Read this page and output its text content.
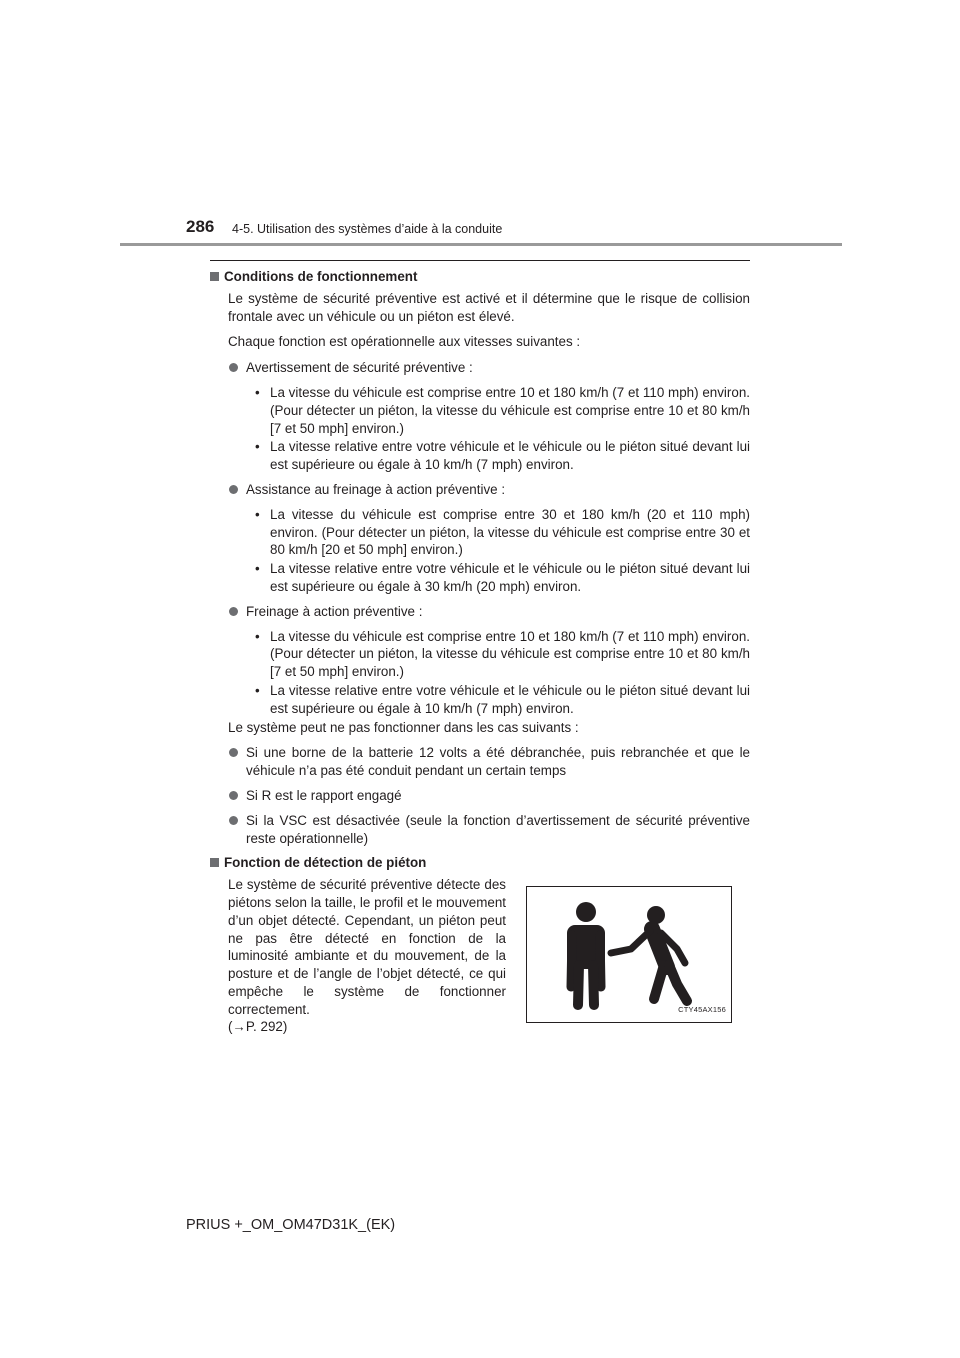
286 4-5. Utilisation des systèmes d’aide à la conduite
Conditions de fonctionnement
Le système de sécurité préventive est activé et il détermine que le risque de collision frontale avec un véhicule ou un piéton est élevé.
Chaque fonction est opérationnelle aux vitesses suivantes :
Avertissement de sécurité préventive :
• La vitesse du véhicule est comprise entre 10 et 180 km/h (7 et 110 mph) environ. (Pour détecter un piéton, la vitesse du véhicule est comprise entre 10 et 80 km/h [7 et 50 mph] environ.)
• La vitesse relative entre votre véhicule et le véhicule ou le piéton situé devant lui est supérieure ou égale à 10 km/h (7 mph) environ.
Assistance au freinage à action préventive :
• La vitesse du véhicule est comprise entre 30 et 180 km/h (20 et 110 mph) environ. (Pour détecter un piéton, la vitesse du véhicule est comprise entre 30 et 80 km/h [20 et 50 mph] environ.)
• La vitesse relative entre votre véhicule et le véhicule ou le piéton situé devant lui est supérieure ou égale à 30 km/h (20 mph) environ.
Freinage à action préventive :
• La vitesse du véhicule est comprise entre 10 et 180 km/h (7 et 110 mph) environ. (Pour détecter un piéton, la vitesse du véhicule est comprise entre 10 et 80 km/h [7 et 50 mph] environ.)
• La vitesse relative entre votre véhicule et le véhicule ou le piéton situé devant lui est supérieure ou égale à 10 km/h (7 mph) environ.
Le système peut ne pas fonctionner dans les cas suivants :
Si une borne de la batterie 12 volts a été débranchée, puis rebranchée et que le véhicule n’a pas été conduit pendant un certain temps
Si R est le rapport engagé
Si la VSC est désactivée (seule la fonction d’avertissement de sécurité préventive reste opérationnelle)
Fonction de détection de piéton
Le système de sécurité préventive détecte des piétons selon la taille, le profil et le mouvement d’un objet détecté. Cependant, un piéton peut ne pas être détecté en fonction de la luminosité ambiante et du mouvement, de la posture et de l’angle de l’objet détecté, ce qui empêche le système de fonctionner correctement.
(→P. 292)
CTY45AX156
PRIUS +_OM_OM47D31K_(EK)
